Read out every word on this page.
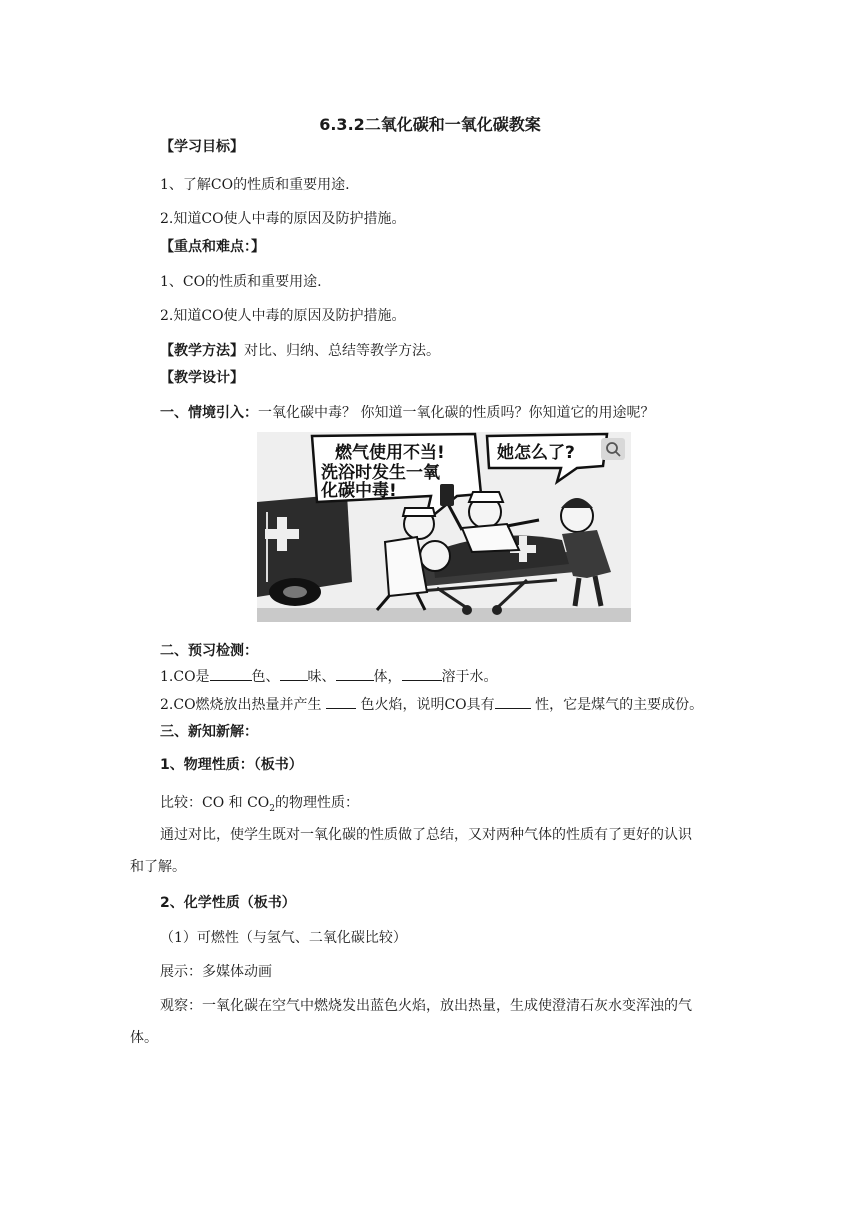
6.3.2二氧化碳和一氧化碳教案
【学习目标】
1、了解CO的性质和重要用途.
2.知道CO使人中毒的原因及防护措施。
【重点和难点：】
1、CO的性质和重要用途.
2.知道CO使人中毒的原因及防护措施。
【教学方法】对比、归纳、总结等教学方法。
【教学设计】
一、情境引入：一氧化碳中毒？ 你知道一氧化碳的性质吗？你知道它的用途呢？
燃气使用不当!
洗浴时发生一氧
化碳中毒!
她怎么了?
二、预习检测：
1.CO是	色、 味、	体，	溶于水。
2.CO燃烧放出热量并产生  色火焰，说明CO具有	性，它是煤气的主要成份。
三、新知新解：
1、物理性质：（板书）
比较：CO 和 $CO_2$的物理性质：
通过对比，使学生既对一氧化碳的性质做了总结，又对两种气体的性质有了更好的认识
和了解。
2、化学性质（板书）
（1）可燃性（与氢气、二氧化碳比较）
展示：多媒体动画
观察：一氧化碳在空气中燃烧发出蓝色火焰，放出热量，生成使澄清石灰水变浑浊的气
体。
